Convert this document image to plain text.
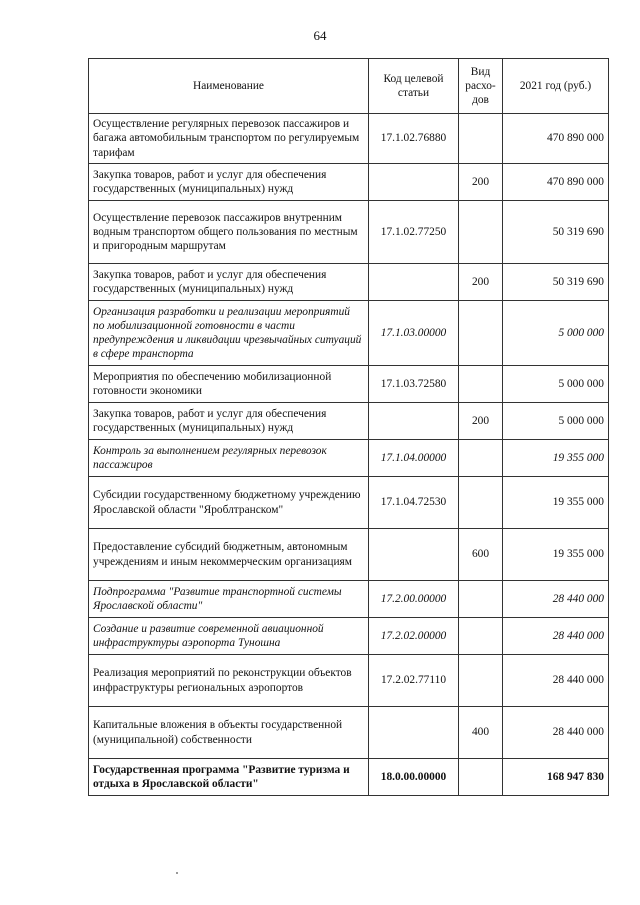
64
Наименование	Код целевой статьи	Вид расхо-дов	2021 год (руб.)
Осуществление регулярных перевозок пассажиров и багажа автомобильным транспортом по регулируемым тарифам	17.1.02.76880		470 890 000
Закупка товаров, работ и услуг для обеспечения государственных (муниципальных) нужд		200	470 890 000
Осуществление перевозок пассажиров внутренним водным транспортом общего пользования по местным и пригородным маршрутам	17.1.02.77250		50 319 690
Закупка товаров, работ и услуг для обеспечения государственных (муниципальных) нужд		200	50 319 690
Организация разработки и реализации мероприятий по мобилизационной готовности в части предупреждения и ликвидации чрезвычайных ситуаций в сфере транспорта	17.1.03.00000		5 000 000
Мероприятия по обеспечению мобилизационной готовности экономики	17.1.03.72580		5 000 000
Закупка товаров, работ и услуг для обеспечения государственных (муниципальных) нужд		200	5 000 000
Контроль за выполнением регулярных перевозок пассажиров	17.1.04.00000		19 355 000
Субсидии государственному бюджетному учреждению Ярославской области "Яроблтранском"	17.1.04.72530		19 355 000
Предоставление субсидий бюджетным, автономным учреждениям и иным некоммерческим организациям		600	19 355 000
Подпрограмма "Развитие транспортной системы Ярославской области"	17.2.00.00000		28 440 000
Создание и развитие современной авиационной инфраструктуры аэропорта Туношна	17.2.02.00000		28 440 000
Реализация мероприятий по реконструкции объектов инфраструктуры региональных аэропортов	17.2.02.77110		28 440 000
Капитальные вложения в объекты государственной (муниципальной) собственности		400	28 440 000
Государственная программа "Развитие туризма и отдыха в Ярославской области"	18.0.00.00000		168 947 830
